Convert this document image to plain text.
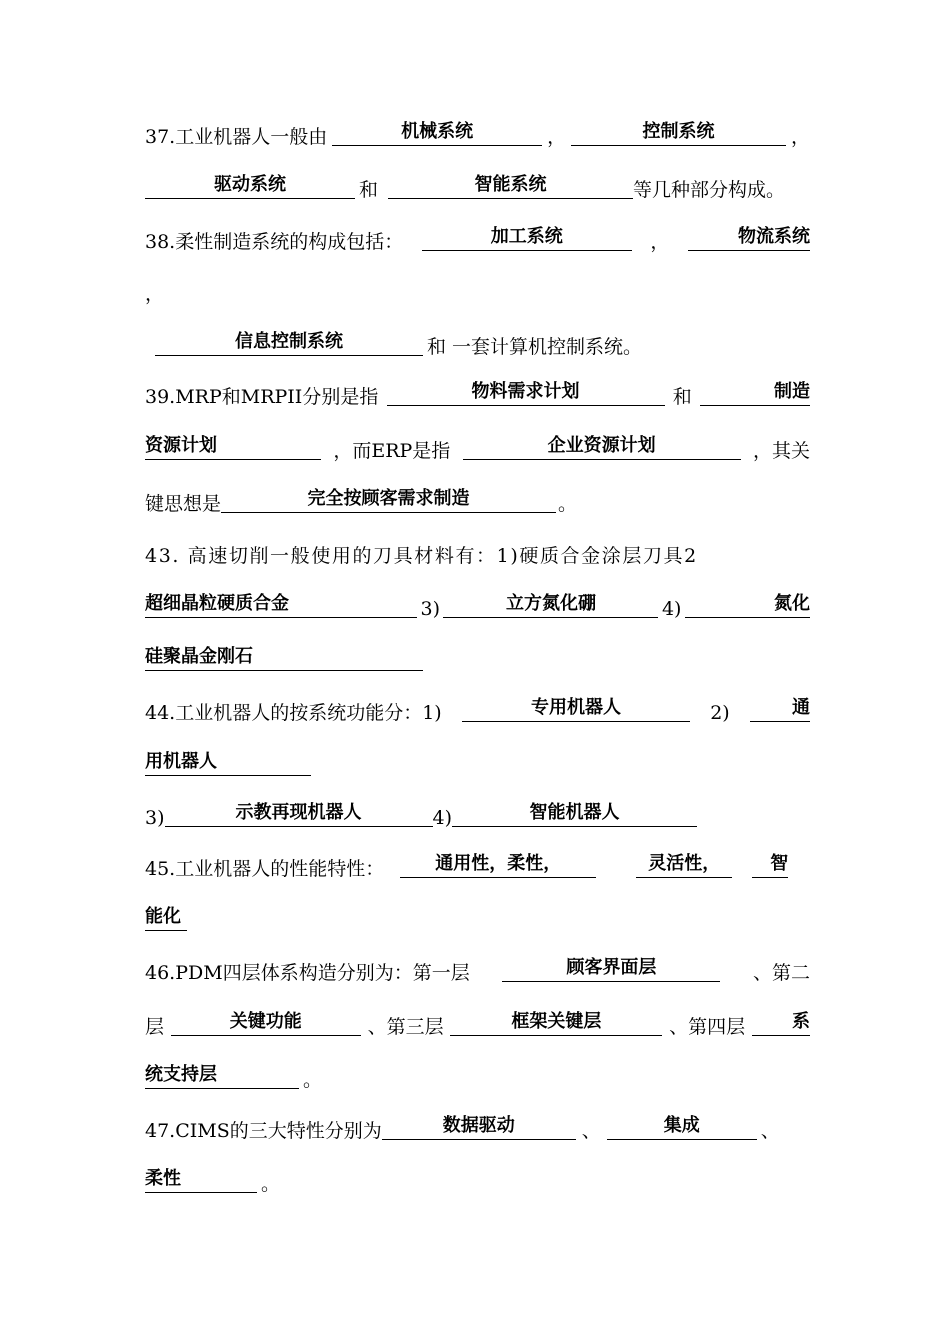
37.工业机器人一般由	机械系统	，	控制系统	，
驱动系统	和	智能系统	等几种部分构成。
38.柔性制造系统的构成包括：	加工系统	，	物流系统
，
信息控制系统	和 一套计算机控制系统。
39.MRP和MRPII分别是指	物料需求计划	和	制造
资源计划	，而ERP是指	企业资源计划	，其关
键思想是	完全按顾客需求制造	。
43. 高速切削一般使用的刀具材料有：1)硬质合金涂层刀具2
超细晶粒硬质合金	3)	立方氮化硼	4)	氮化
硅聚晶金刚石
44.工业机器人的按系统功能分：1)	专用机器人	2)	通
用机器人
3)	示教再现机器人	4)	智能机器人
45.工业机器人的性能特性：	通用性，柔性，	灵活性，	智
能化
46.PDM四层体系构造分别为：第一层	顾客界面层	、第二
层	关键功能	、第三层	框架关键层	、第四层	系
统支持层	。
47.CIMS的三大特性分别为	数据驱动	、	集成	、
柔性	。
